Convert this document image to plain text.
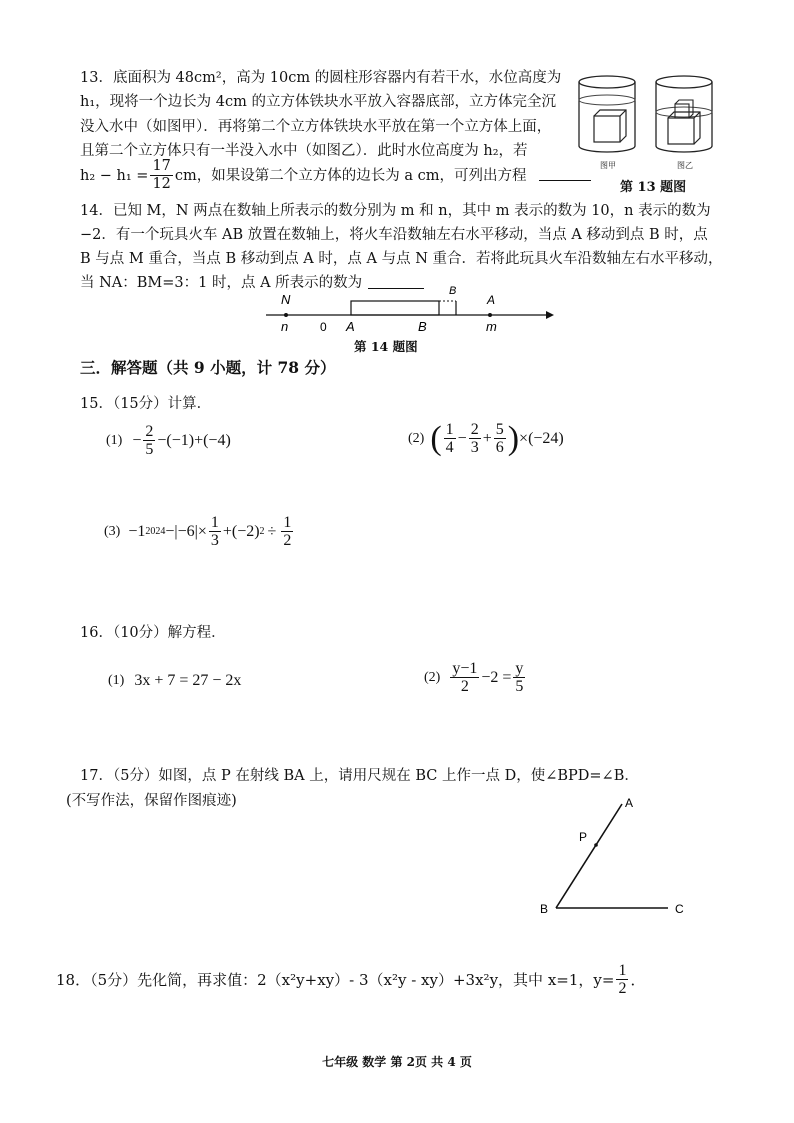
13．底面积为 48cm²，高为 10cm 的圆柱形容器内有若干水，水位高度为
h₁，现将一个边长为 4cm 的立方体铁块水平放入容器底部，立方体完全沉
没入水中（如图甲）．再将第二个立方体铁块水平放在第一个立方体上面，
且第二个立方体只有一半没入水中（如图乙）．此时水位高度为 h₂，若
$h_2 - h_1 = \frac{17}{12}$ cm，如果设第二个立方体的边长为 a cm，可列出方程
图甲	图乙
第 13 题图
14．已知 M，N 两点在数轴上所表示的数分别为 m 和 n，其中 m 表示的数为 10，n 表示的数为
−2．有一个玩具火车 AB 放置在数轴上，将火车沿数轴左右水平移动，当点 A 移动到点 B 时，点
B 与点 M 重合，当点 B 移动到点 A 时，点 A 与点 N 重合．若将此玩具火车沿数轴左右水平移动，
当 NA：BM=3：1 时，点 A 所表示的数为
N
n	0 A	B	m
B
A
第 14 题图
三．解答题（共 9 小题，计 78 分）
15．（15分）计算．
$(1) - \frac{2}{5} -(-1)+(-4)$	(2) ( $\frac{1}{4} - \frac{2}{3} + \frac{5}{6}$ ) ×(−24)
(3) −1 $2024 -|-6|\times \frac{1}{3} +(-2) 2 \div \frac{1}{2}$
16．（10分）解方程．
(1) 3x + 7 = 27 − 2x	$(2) \frac{y-1}{2} -2 = \frac{y}{5}$
17．（5分）如图，点 P 在射线 BA 上，请用尺规在 BC 上作一点 D，使∠BPD=∠B．
(不写作法，保留作图痕迹)	A
P
B	C
18．（5分）先化简，再求值：2（x²y+xy）- 3（x²y - xy）+3x²y，其中 x=1，$y= \frac{1}{2}$ ．
七年级 数学 第 2页 共 4 页
